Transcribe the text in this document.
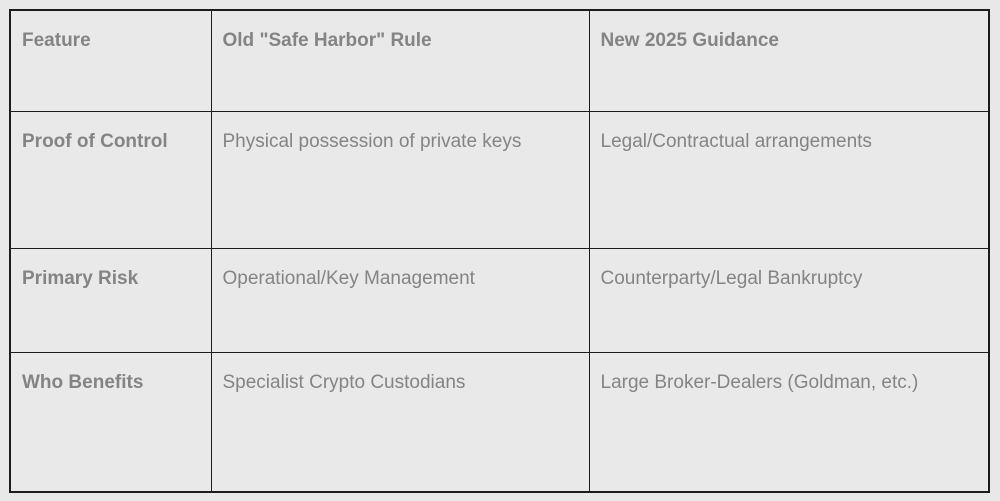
Feature	Old "Safe Harbor" Rule	New 2025 Guidance
Proof of Control	Physical possession of private keys	Legal/Contractual arrangements
Primary Risk	Operational/Key Management	Counterparty/Legal Bankruptcy
Who Benefits	Specialist Crypto Custodians	Large Broker-Dealers (Goldman, etc.)
